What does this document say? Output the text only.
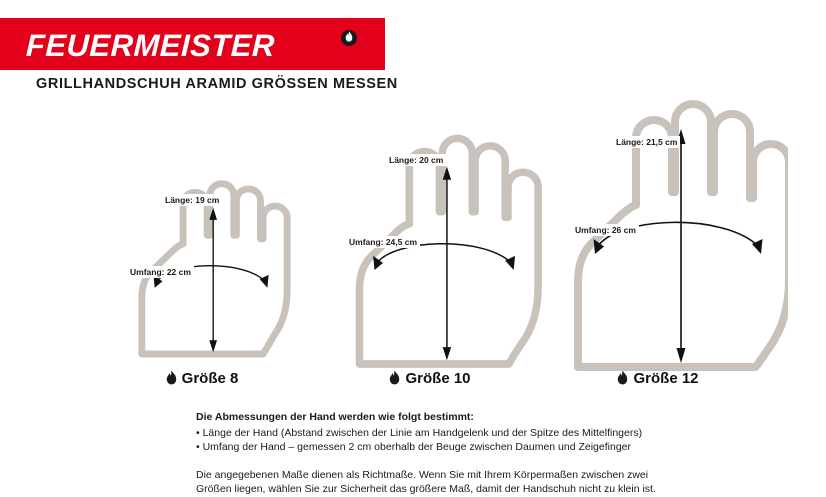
FEUERMEISTER
GRILLHANDSCHUH ARAMID GRÖSSEN MESSEN
Länge: 19 cm
Umfang: 22 cm
Größe 8
Länge: 20 cm
Umfang: 24,5 cm
Größe 10
Länge: 21,5 cm
Umfang: 26 cm
Größe 12
Die Abmessungen der Hand werden wie folgt bestimmt:
• Länge der Hand (Abstand zwischen der Linie am Handgelenk und der Spitze des Mittelfingers)
• Umfang der Hand – gemessen 2 cm oberhalb der Beuge zwischen Daumen und Zeigefinger
Die angegebenen Maße dienen als Richtmaße. Wenn Sie mit Ihrem Körpermaßen zwischen zwei
Größen liegen, wählen Sie zur Sicherheit das größere Maß, damit der Handschuh nicht zu klein ist.
